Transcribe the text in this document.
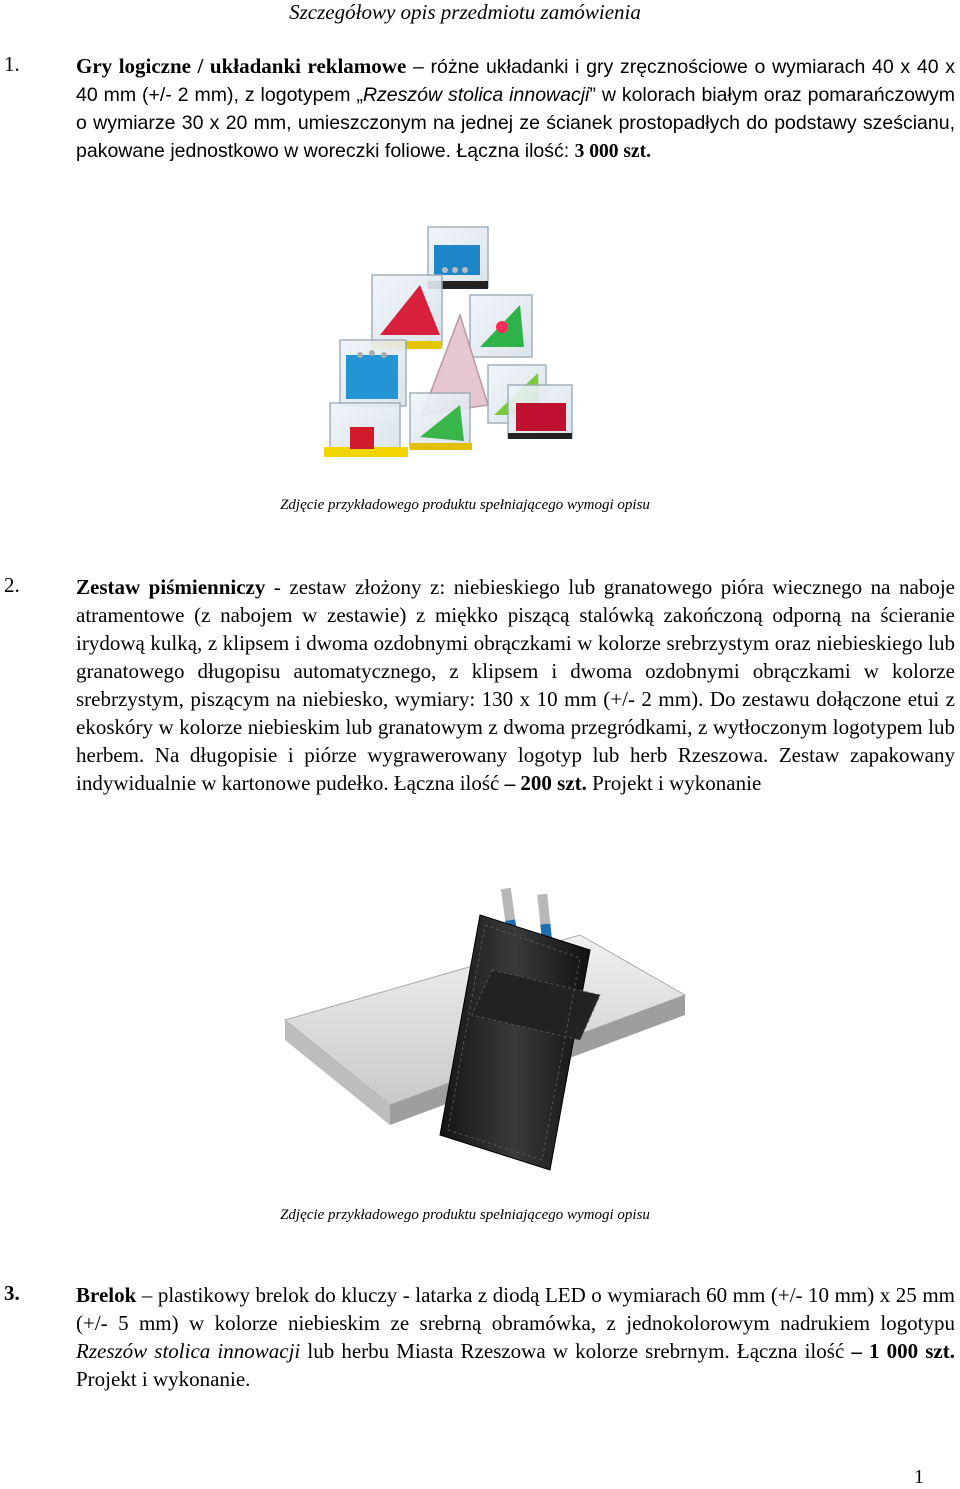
Szczegółowy opis przedmiotu zamówienia
1.	Gry logiczne / układanki reklamowe – różne układanki i gry zręcznościowe o wymiarach 40 x 40 x 40 mm (+/- 2 mm), z logotypem „Rzeszów stolica innowacji” w kolorach białym oraz pomarańczowym o wymiarze 30 x 20 mm, umieszczonym na jednej ze ścianek prostopadłych do podstawy sześcianu, pakowane jednostkowo w woreczki foliowe. Łączna ilość: 3 000 szt.
Zdjęcie przykładowego produktu spełniającego wymogi opisu
2.	Zestaw piśmienniczy - zestaw złożony z: niebieskiego lub granatowego pióra wiecznego na naboje atramentowe (z nabojem w zestawie) z miękko piszącą stalówką zakończoną odporną na ścieranie irydową kulką, z klipsem i dwoma ozdobnymi obrączkami w kolorze srebrzystym oraz niebieskiego lub granatowego długopisu automatycznego, z klipsem i dwoma ozdobnymi obrączkami w kolorze srebrzystym, piszącym na niebiesko, wymiary: 130 x 10 mm (+/- 2 mm). Do zestawu dołączone etui z ekoskóry w kolorze niebieskim lub granatowym z dwoma przegródkami, z wytłoczonym logotypem lub herbem. Na długopisie i piórze wygrawerowany logotyp lub herb Rzeszowa. Zestaw zapakowany indywidualnie w kartonowe pudełko. Łączna ilość – 200 szt. Projekt i wykonanie
Zdjęcie przykładowego produktu spełniającego wymogi opisu
3.	Brelok – plastikowy brelok do kluczy - latarka z diodą LED o wymiarach 60 mm (+/- 10 mm) x 25 mm (+/- 5 mm) w kolorze niebieskim ze srebrną obramówka, z jednokolorowym nadrukiem logotypu Rzeszów stolica innowacji lub herbu Miasta Rzeszowa w kolorze srebrnym. Łączna ilość – 1 000 szt. Projekt i wykonanie.
1
